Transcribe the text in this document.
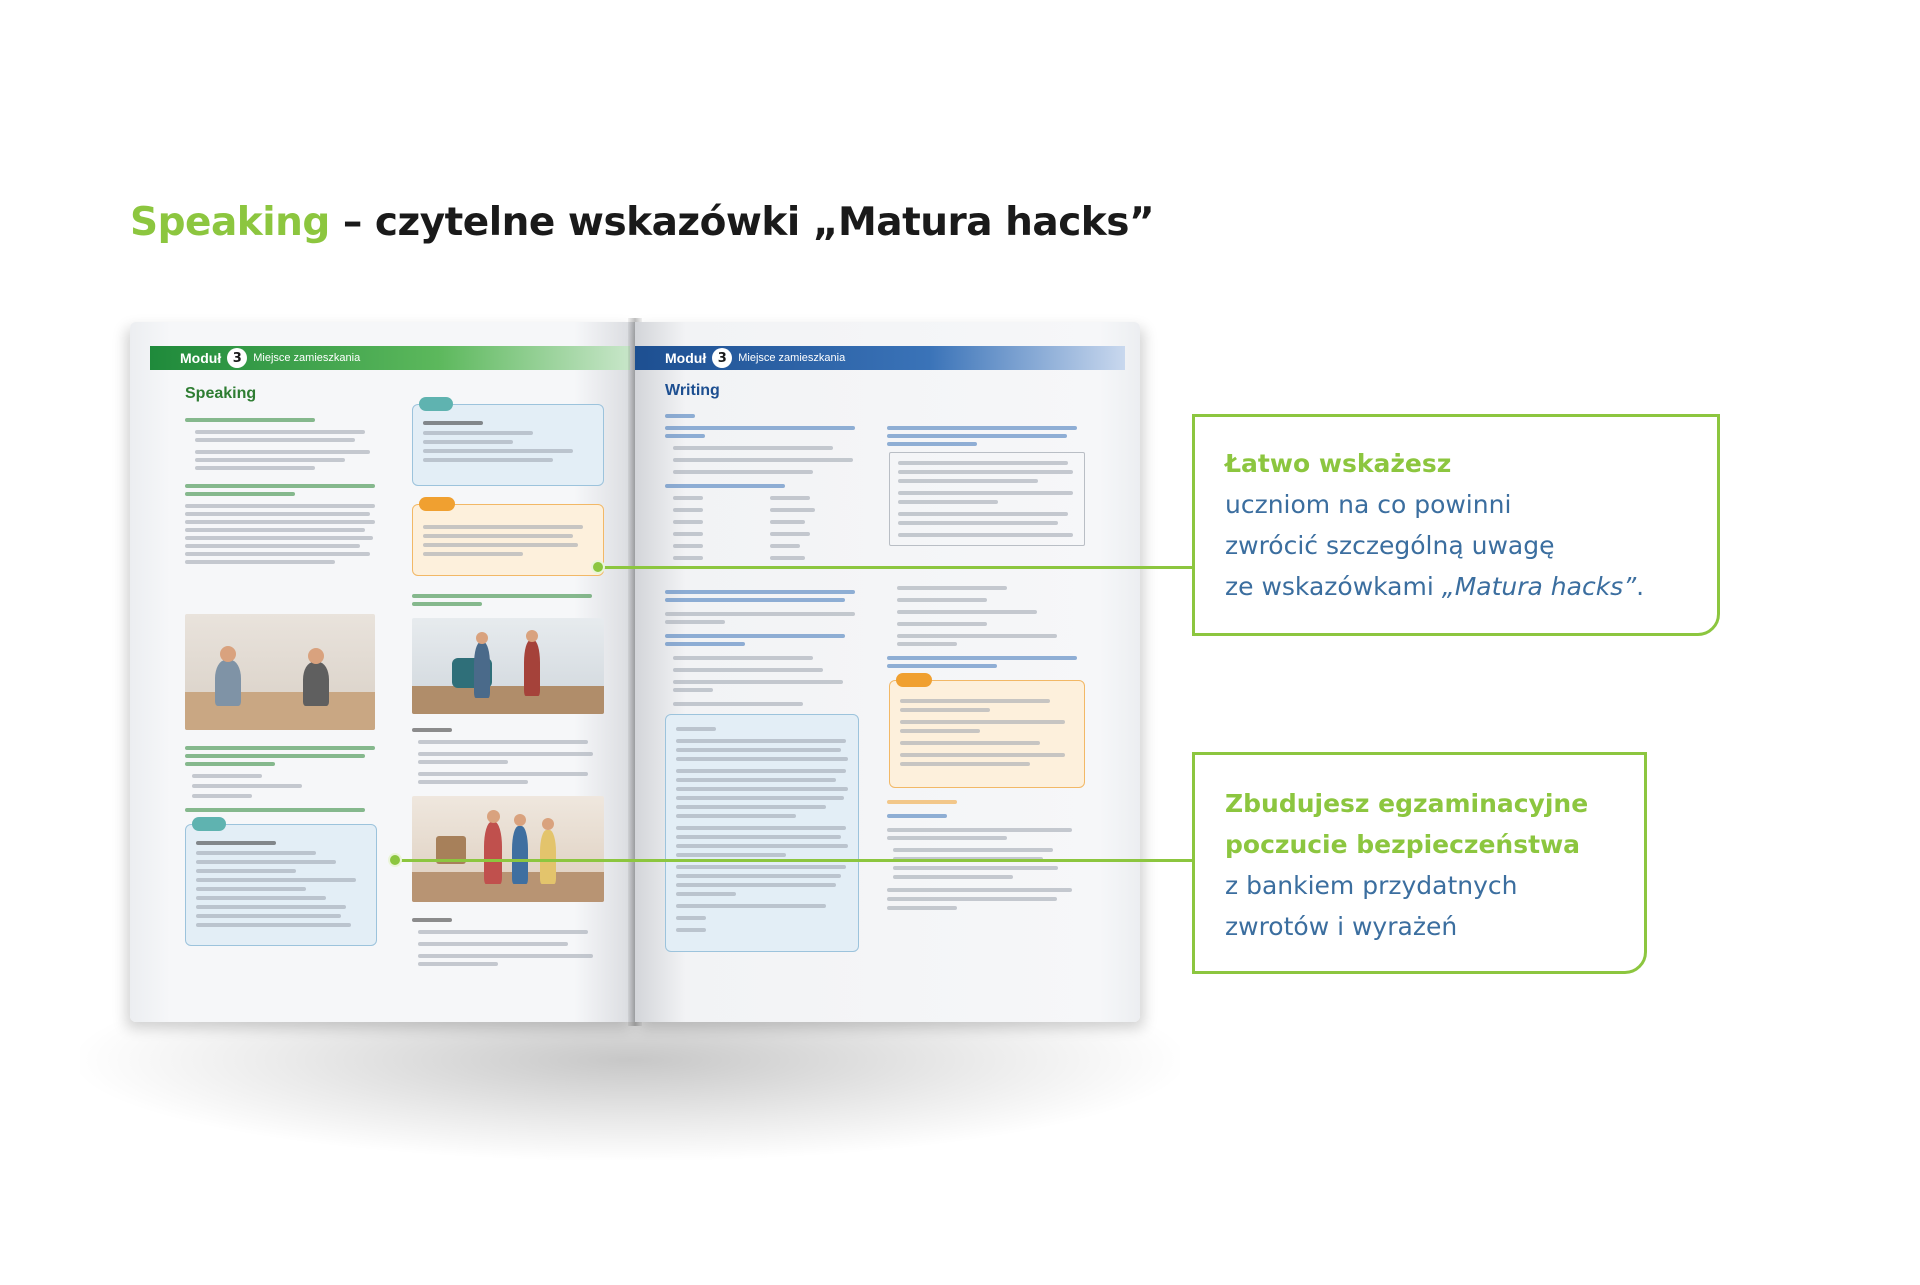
Speaking – czytelne wskazówki „Matura hacks”
Moduł 3	Miejsce zamieszkania
Speaking

Moduł 3	Miejsce zamieszkania
Writing

Łatwo wskażesz
uczniom na co powinni
zwrócić szczególną uwagę
ze wskazówkami „Matura hacks”.
Zbudujesz egzaminacyjne
poczucie bezpieczeństwa
z bankiem przydatnych
zwrotów i wyrażeń
